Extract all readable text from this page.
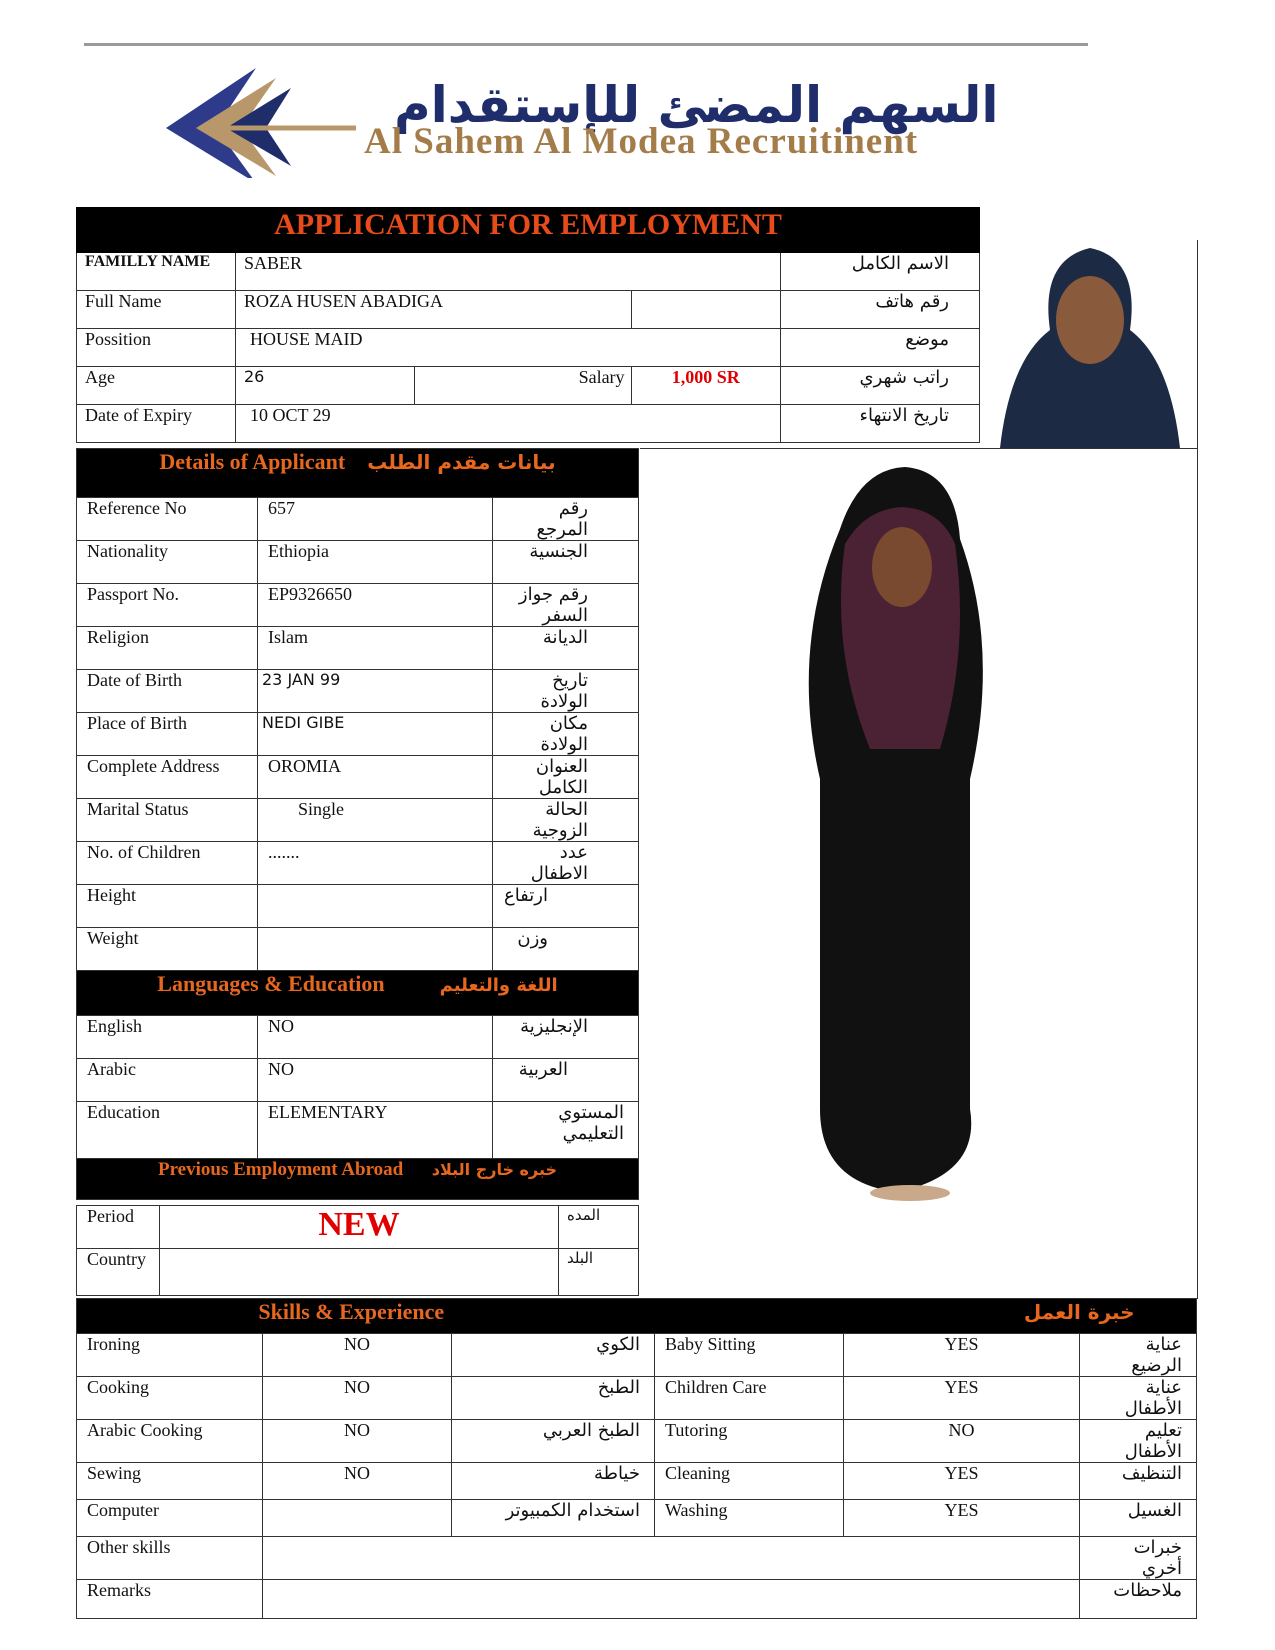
السهم المضئ للإستقدام
Al Sahem Al Modea Recruitinent
APPLICATION FOR EMPLOYMENT				
FAMILLY NAME	SABER			الاسم الكامل
Full Name	ROZA HUSEN ABADIGA			رقم هاتف
Possition	HOUSE MAID			موضع
Age	26	Salary	1,000 SR	راتب شهري
Date of Expiry	10 OCT 29			تاريخ الانتهاء
Details of Applicant بيانات مقدم الطلب		
Reference No	657	رقم المرجع
Nationality	Ethiopia	الجنسية
Passport No.	EP9326650	رقم جواز السفر
Religion	Islam	الديانة
Date of Birth	23 JAN 99	تاريخ الولادة
Place of Birth	NEDI GIBE	مكان الولادة
Complete Address	OROMIA	العنوان الكامل
Marital Status	Single	الحالة الزوجية
No. of Children	.......	عدد الاطفال
Height		ارتفاع
Weight		وزن
Languages & Education اللغة والتعليم		
English	NO	الإنجليزية
Arabic	NO	العربية
Education	ELEMENTARY	المستوي التعليمي
Previous Employment Abroad خبره خارج البلاد		
Period	NEW	المده
Country		البلد
Skills & Experience خبرة العمل					
Ironing	NO	الكوي	Baby Sitting	YES	عناية الرضيع
Cooking	NO	الطبخ	Children Care	YES	عناية الأطفال
Arabic Cooking	NO	الطبخ العربي	Tutoring	NO	تعليم الأطفال
Sewing	NO	خياطة	Cleaning	YES	التنظيف
Computer		استخدام الكمبيوتر	Washing	YES	الغسيل
Other skills					خبرات أخري
Remarks					ملاحظات
